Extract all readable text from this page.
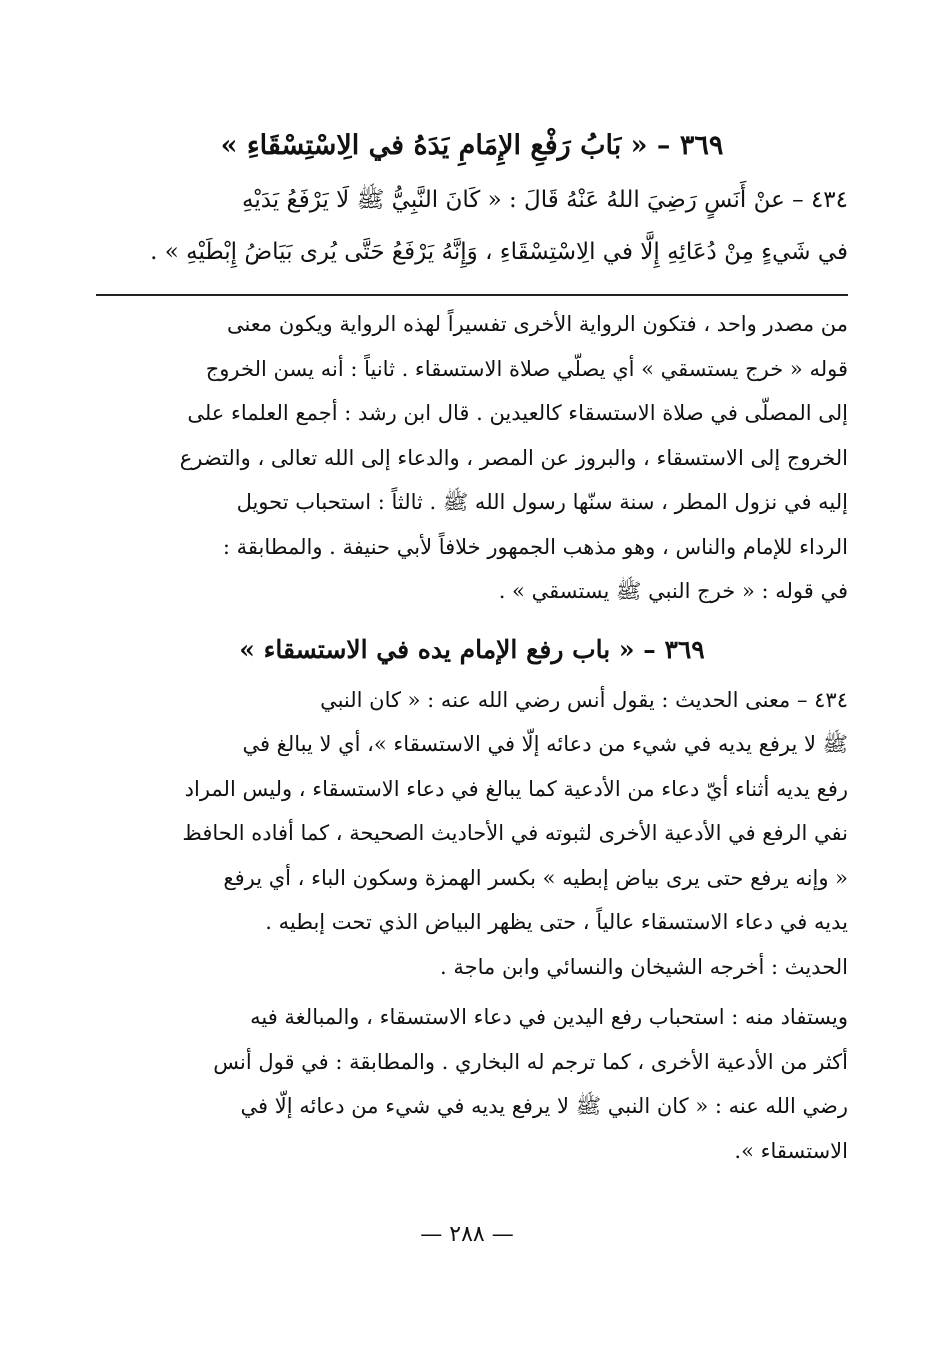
٣٦٩ – « بَابُ رَفْعِ الإِمَامِ يَدَهُ في الِاسْتِسْقَاءِ »
٤٣٤ – عنْ أَنَسٍ رَضِيَ اللهُ عَنْهُ قَالَ : « كَانَ النَّبِيُّ ﷺ لَا يَرْفَعُ يَدَيْهِ
في شَيءٍ مِنْ دُعَائِهِ إِلَّا في الِاسْتِسْقَاءِ ، وَإِنَّهُ يَرْفَعُ حَتَّى يُرى بَيَاضُ إِبْطَيْهِ » .
من مصدر واحد ، فتكون الرواية الأخرى تفسيراً لهذه الرواية ويكون معنى
قوله « خرج يستسقي » أي يصلّي صلاة الاستسقاء . ثانياً : أنه يسن الخروج
إلى المصلّى في صلاة الاستسقاء كالعيدين . قال ابن رشد : أجمع العلماء على
الخروج إلى الاستسقاء ، والبروز عن المصر ، والدعاء إلى الله تعالى ، والتضرع
إليه في نزول المطر ، سنة سنّها رسول الله ﷺ . ثالثاً : استحباب تحويل
الرداء للإمام والناس ، وهو مذهب الجمهور خلافاً لأبي حنيفة . والمطابقة :
في قوله : « خرج النبي ﷺ يستسقي » .
٣٦٩ – « باب رفع الإمام يده في الاستسقاء »
٤٣٤ – معنى الحديث : يقول أنس رضي الله عنه : « كان النبي
ﷺ لا يرفع يديه في شيء من دعائه إلّا في الاستسقاء »، أي لا يبالغ في
رفع يديه أثناء أيّ دعاء من الأدعية كما يبالغ في دعاء الاستسقاء ، وليس المراد
نفي الرفع في الأدعية الأخرى لثبوته في الأحاديث الصحيحة ، كما أفاده الحافظ
« وإنه يرفع حتى يرى بياض إبطيه » بكسر الهمزة وسكون الباء ، أي يرفع
يديه في دعاء الاستسقاء عالياً ، حتى يظهر البياض الذي تحت إبطيه .
الحديث : أخرجه الشيخان والنسائي وابن ماجة .
ويستفاد منه : استحباب رفع اليدين في دعاء الاستسقاء ، والمبالغة فيه
أكثر من الأدعية الأخرى ، كما ترجم له البخاري . والمطابقة : في قول أنس
رضي الله عنه : « كان النبي ﷺ لا يرفع يديه في شيء من دعائه إلّا في
الاستسقاء ».
— ٢٨٨ —
